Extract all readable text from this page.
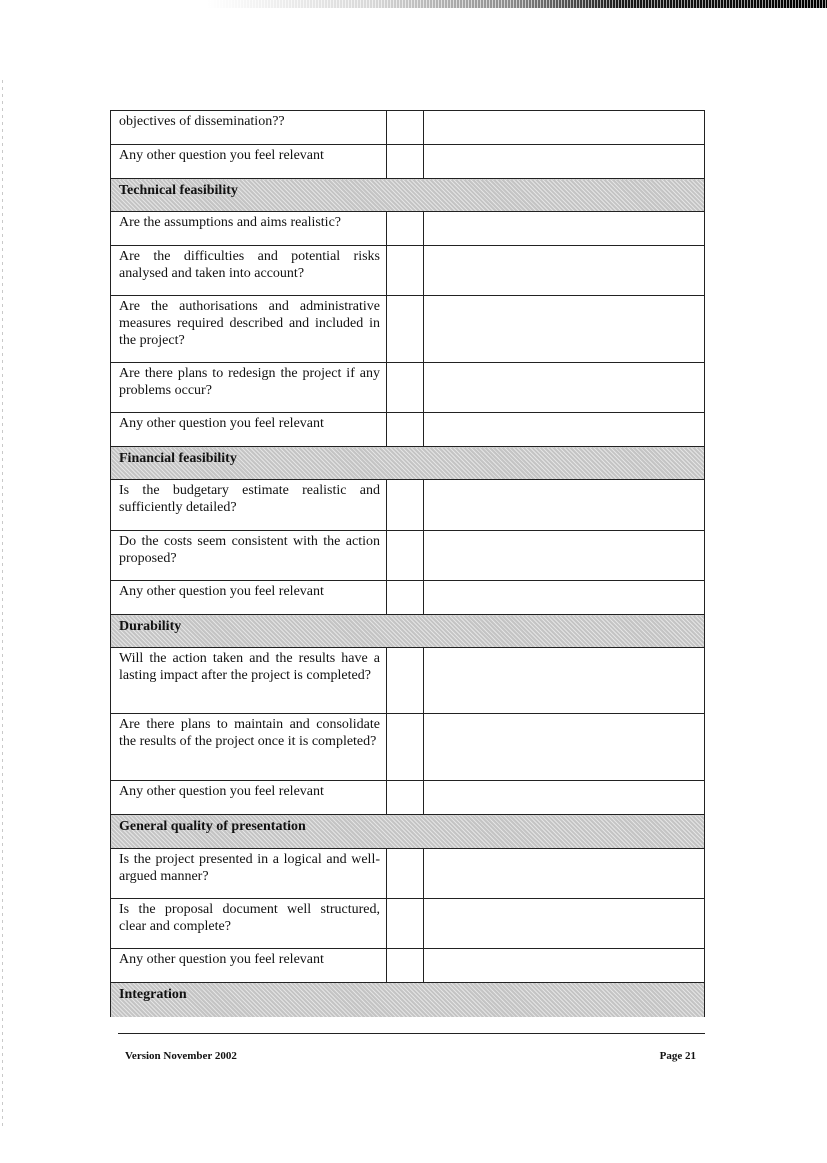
objectives of dissemination??		
Any other question you feel relevant		
Technical feasibility		
Are the assumptions and aims realistic?		
Are the difficulties and potential risks analysed and taken into account?		
Are the authorisations and administrative measures required described and included in the project?		
Are there plans to redesign the project if any problems occur?		
Any other question you feel relevant		
Financial feasibility		
Is the budgetary estimate realistic and sufficiently detailed?		
Do the costs seem consistent with the action proposed?		
Any other question you feel relevant		
Durability		
Will the action taken and the results have a lasting impact after the project is completed?		
Are there plans to maintain and consolidate the results of the project once it is completed?		
Any other question you feel relevant		
General quality of presentation		
Is the project presented in a logical and well-argued manner?		
Is the proposal document well structured, clear and complete?		
Any other question you feel relevant		
Integration		
Version November 2002	Page 21
